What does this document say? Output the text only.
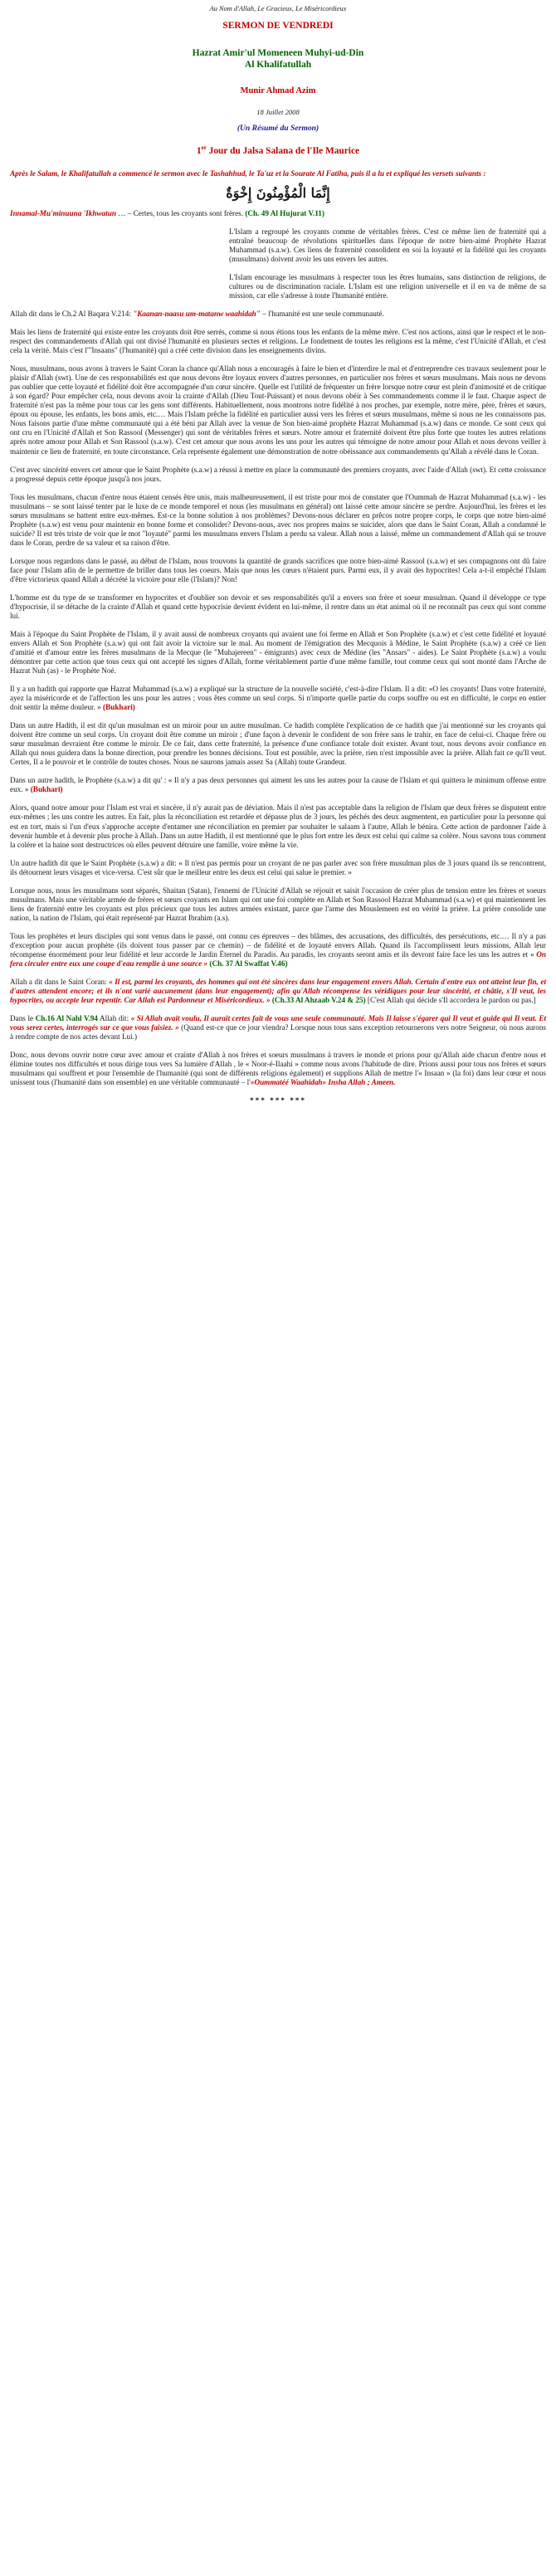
Au Nom d'Allah, Le Gracieux, Le Miséricordieux
SERMON DE VENDREDI
Hazrat Amir'ul Momeneen Muhyi-ud-Din
Al Khalifatullah
Munir Ahmad Azim
18 Juillet 2008
(Un Résumé du Sermon)
1er Jour du Jalsa Salana de l'Ile Maurice
Après le Salam, le Khalifatullah a commencé le sermon avec le Tashahhud, le Ta'uz et la Sourate Al Fatiha, puis il a lu et expliqué les versets suivants :
إِنَّمَا الْمُؤْمِنُونَ إِخْوَةٌ

Innamal-Mu'minuuna 'Ikhwatun … – Certes, tous les croyants sont frères. (Ch. 49 Al Hujurat V.11)

L'Islam a regroupé les croyants comme de véritables frères. C'est ce même lien de fraternité qui a entraîné beaucoup de révolutions spirituelles dans l'époque de notre bien-aimé Prophète Hazrat Muhammad (s.a.w). Ces liens de fraternité consolident en soi la loyauté et la fidélité qui les croyants (musulmans) doivent avoir les uns envers les autres.

L'Islam encourage les musulmans à respecter tous les êtres humains, sans distinction de religions, de cultures ou de discrimination raciale. L'Islam est une religion universelle et il en va de même de sa mission, car elle s'adresse à toute l'humanité entière.

Allah dit dans le Ch.2 Al Baqara V.214: "Kaanan-naasu um-matanw waahidah" – l'humanité est une seule communauté.

Mais les liens de fraternité qui existe entre les croyants doit être serrés, comme si nous étions tous les enfants de la même mère. C'est nos actions, ainsi que le respect et le non-respect des commandements d'Allah qui ont divisé l'humanité en plusieurs sectes et religions. Le fondement de toutes les religions est la même, c'est l'Unicité d'Allah, et c'est cela la vérité. Mais c'est l'"Insaans" (l'humanité) qui a créé cette division dans les enseignements divins.

Nous, musulmans, nous avons à travers le Saint Coran la chance qu'Allah nous a encouragés à faire le bien et d'interdire le mal et d'entreprendre ces travaux seulement pour le plaisir d'Allah (swt). Une de ces responsabilités est que nous devons être loyaux envers d'autres personnes, en particulier nos frères et sœurs musulmans. Mais nous ne devons pas oublier que cette loyauté et fidélité doit être accompagnée d'un cœur sincère. Quelle est l'utilité de fréquenter un frère lorsque notre cœur est plein d'animosité et de critique à son égard? Pour empêcher cela, nous devons avoir la crainte d'Allah (Dieu Tout-Puissant) et nous devons obéir à Ses commandements comme il le faut. Chaque aspect de fraternité n'est pas la même pour tous car les gens sont différents. Habituellement, nous montrons notre fidélité à nos proches, par exemple, notre mère, père, frères et sœurs, époux ou épouse, les enfants, les bons amis, etc.… Mais l'Islam prêche la fidélité en particulier aussi vers les frères et sœurs musulmans, même si nous ne les connaissons pas. Nous faisons partie d'une même communauté qui a été béni par Allah avec la venue de Son bien-aimé prophète Hazrat Muhammad (s.a.w) dans ce monde. Ce sont ceux qui ont cru en l'Unicité d'Allah et Son Rassool (Messenger) qui sont de véritables frères et sœurs. Notre amour et fraternité doivent être plus forte que toutes les autres relations après notre amour pour Allah et Son Rassool (s.a.w). C'est cet amour que nous avons les uns pour les autres qui témoigne de notre amour pour Allah et nous devons veiller à maintenir ce lien de fraternité, en toute circonstance. Cela représente également une démonstration de notre obéissance aux commandements qu'Allah a révélé dans le Coran.

C'est avec sincérité envers cet amour que le Saint Prophète (s.a.w) a réussi à mettre en place la communauté des premiers croyants, avec l'aide d'Allah (swt). Et cette croissance a progressé depuis cette époque jusqu'à nos jours.

Tous les musulmans, chacun d'entre nous étaient censés être unis, mais malheureusement, il est triste pour moi de constater que l'Oummah de Hazrat Muhammad (s.a.w) - les musulmans – se sont laissé tenter par le luxe de ce monde temporel et nous (les musulmans en général) ont laissé cette amour sincère se perdre. Aujourd'hui, les frères et les sœurs musulmans se battent entre eux-mêmes. Est-ce la bonne solution à nos problèmes? Devons-nous déclarer en prêcos notre propre corps, le corps que notre bien-aimé Prophète (s.a.w) est venu pour maintenir en bonne forme et consolider? Devons-nous, avec nos propres mains se suicider, alors que dans le Saint Coran, Allah a condamné le suicide? Il est très triste de voir que le mot "loyauté" parmi les musulmans envers l'Islam a perdu sa valeur. Allah nous a laissé, même un commandement d'Allah qui se trouve dans le Coran, perdre de sa valeur et sa raison d'être.

Lorsque nous regardons dans le passé, au début de l'Islam, nous trouvons la quantité de grands sacrifices que notre bien-aimé Rassool (s.a.w) et ses compagnons ont dû faire face pour l'Islam afin de le permettre de briller dans tous les coeurs. Mais que nous les cœurs n'étaient purs. Parmi eux, il y avait des hypocrites! Cela a-t-il empêché l'Islam d'être victorieux quand Allah a décrété la victoire pour elle (l'Islam)? Non!

L'homme est du type de se transformer en hypocrites et d'oublier son devoir et ses responsabilités qu'il a envers son frère et soeur musulman. Quand il développe ce type d'hypocrisie, il se détache de la crainte d'Allah et quand cette hypocrisie devient évident en lui-même, il rentre dans un état animal où il ne reconnaît pas ceux qui sont comme lui.

Mais à l'époque du Saint Prophète de l'Islam, il y avait aussi de nombreux croyants qui avaient une foi ferme en Allah et Son Prophète (s.a.w) et c'est cette fidélité et loyauté envers Allah et Son Prophète (s.a.w) qui ont fait avoir la victoire sur le mal. Au moment de l'émigration des Mecquois à Médine, le Saint Prophète (s.a.w) a créé ce lien d'amitié et d'amour entre les frères musulmans de la Mecque (le "Muhajereen" - émigrants) avec ceux de Médine (les "Ansars" - aides). Le Saint Prophète (s.a.w) a voulu démontrer par cette action que tous ceux qui ont accepté les signes d'Allah, forme véritablement partie d'une même famille, tout comme ceux qui sont monté dans l'Arche de Hazrat Nuh (as) - le Prophète Noé.

Il y a un hadith qui rapporte que Hazrat Muhammad (s.a.w) a expliqué sur la structure de la nouvelle société, c'est-à-dire l'Islam. Il a dit: «O les croyants! Dans votre fraternité, ayez la miséricorde et de l'affection les uns pour les autres ; vous êtes comme un seul corps. Si n'importe quelle partie du corps souffre ou est en difficulté, le corps en entier doit sentir la même douleur. » (Bukhari)

Dans un autre Hadith, il est dit qu'un musulman est un miroir pour un autre musulman. Ce hadith complète l'explication de ce hadith que j'ai mentionné sur les croyants qui doivent être comme un seul corps. Un croyant doit être comme un miroir ; d'une façon à devenir le confident de son frère sans le trahir, en face de celui-ci. Chaque frère ou sœur musulman devraient être comme le miroir. De ce fait, dans cette fraternité, la présence d'une confiance totale doit exister. Avant tout, nous devons avoir confiance en Allah qui nous guidera dans la bonne direction, pour prendre les bonnes décisions. Tout est possible, avec la prière, rien n'est impossible avec la prière. Allah fait ce qu'Il veut. Certes, Il a le pouvoir et le contrôle de toutes choses. Nous ne saurons jamais assez Sa (Allah) toute Grandeur.

Dans un autre hadith, le Prophète (s.a.w) a dit qu' : « Il n'y a pas deux personnes qui aiment les uns les autres pour la cause de l'Islam et qui quittera le minimum offense entre eux. » (Bukhari)

Alors, quand notre amour pour l'Islam est vrai et sincère, il n'y aurait pas de déviation. Mais il n'est pas acceptable dans la religion de l'Islam que deux frères se disputent entre eux-mêmes ; les uns contre les autres. En fait, plus la réconciliation est retardée et dépasse plus de 3 jours, les péchés des deux augmentent, en particulier pour la personne qui est en tort, mais si l'un d'eux s'approche accepte d'entamer une réconciliation en premier par souhaiter le salaam à l'autre, Allah le bénira. Cette action de pardonner l'aide à devenir humble et à devenir plus proche à Allah. Dans un autre Hadith, il est mentionné que le plus fort entre les deux est celui qui calme sa colère. Nous savons tous comment la colère et la haine sont destructrices où elles peuvent détruire une famille, voire même la vie.

Un autre hadith dit que le Saint Prophète (s.a.w) a dit: « Il n'est pas permis pour un croyant de ne pas parler avec son frère musulman plus de 3 jours quand ils se rencontrent, ils détournent leurs visages et vice-versa. C'est sûr que le meilleur entre les deux est celui qui salue le premier. »

Lorsque nous, nous les musulmans sont séparés, Shaitan (Satan), l'ennemi de l'Unicité d'Allah se réjouit et saisit l'occasion de créer plus de tension entre les frères et soeurs musulmans. Mais une véritable armée de frères et sœurs croyants en Islam qui ont une foi complète en Allah et Son Rassool Hazrat Muhammad (s.a.w) et qui maintiennent les liens de fraternité entre les croyants est plus précieux que tous les autres armées existant, parce que l'arme des Mouslemeen est en vérité la prière. La prière consolide une nation, la nation de l'Islam, qui était représenté par Hazrat Ibrahim (a.s).

Tous les prophètes et leurs disciples qui sont venus dans le passé, ont connu ces épreuves – des blâmes, des accusations, des difficultés, des persécutions, etc.… Il n'y a pas d'exception pour aucun prophète (ils doivent tous passer par ce chemin) – de fidélité et de loyauté envers Allah. Quand ils l'accomplissent leurs missions, Allah leur récompense énormément pour leur fidélité et leur accorde le Jardin Éternel du Paradis. Au paradis, les croyants seront amis et ils devront faire face les uns les autres et « On fera circuler entre eux une coupe d'eau remplie à une source » (Ch. 37 Al Swaffat V.46)

Allah a dit dans le Saint Coran: « Il est, parmi les croyants, des hommes qui ont été sincères dans leur engagement envers Allah. Certain d'entre eux ont atteint leur fin, et d'autres attendent encore; et ils n'ont varié aucunement (dans leur engagement); afin qu'Allah récompense les véridiques pour leur sincérité, et châtie, s'Il veut, les hypocrites, ou accepte leur repentir. Car Allah est Pardonneur et Miséricordieux. » (Ch.33 Al Ahzaab V.24 & 25) [C'est Allah qui décide s'Il accordera le pardon ou pas.]

Dans le Ch.16 Al Nahl V.94 Allah dit: « Si Allah avait voulu, Il aurait certes fait de vous une seule communauté. Mais Il laisse s'égarer qui Il veut et guide qui Il veut. Et vous serez certes, interrogés sur ce que vous faisiez. » (Quand est-ce que ce jour viendra? Lorsque nous tous sans exception retournerons vers notre Seigneur, où nous aurons à rendre compte de nos actes devant Lui.)

Donc, nous devons ouvrir notre cœur avec amour et crainte d'Allah à nos frères et soeurs musulmans à travers le monde et prions pour qu'Allah aide chacun d'entre nous et élimine toutes nos difficultés et nous dirige tous vers Sa lumière d'Allah , le « Noor-é-Ilaahi » comme nous avons l'habitude de dire. Prions aussi pour tous nos frères et sœurs musulmans qui souffrent et pour l'ensemble de l'humanité (qui sont de différents religions également) et supplions Allah de mettre l'« Insaan » (la foi) dans leur cœur et nous unissent tous (l'humanité dans son ensemble) en une véritable communauté – l'«Oummatéé Waahidah» Insha Allah ; Ameen.

*** *** ***
